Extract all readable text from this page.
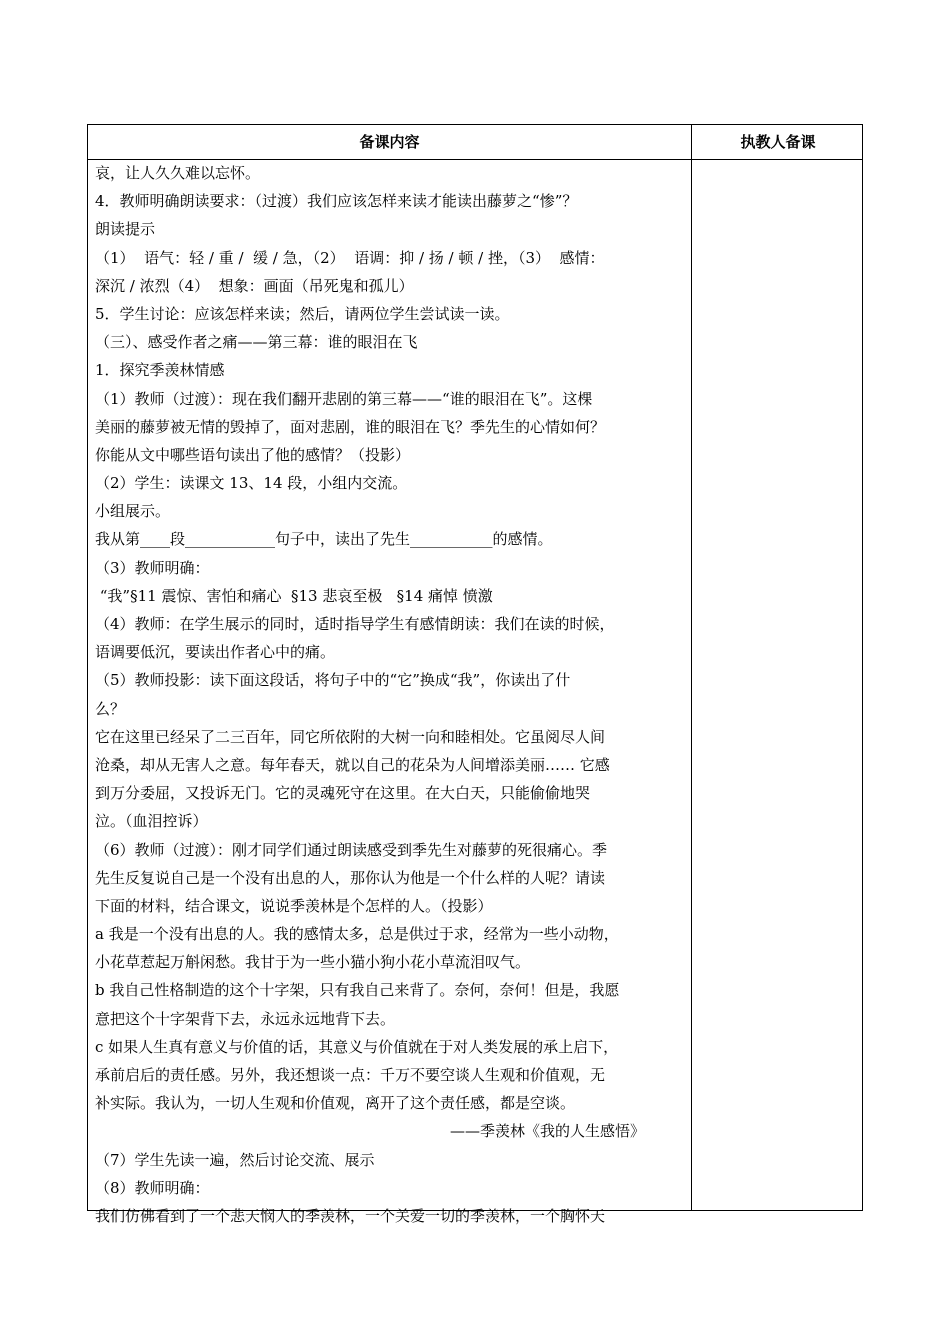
备课内容	执教人备课
哀，让人久久难以忘怀。
4．教师明确朗读要求：（过渡）我们应该怎样来读才能读出藤萝之“惨”？
朗读提示
（1）  语气：轻 / 重 /  缓 / 急，（2）  语调：抑 / 扬 / 顿 / 挫，（3）  感情：
深沉 / 浓烈（4）  想象：画面（吊死鬼和孤儿）
5．学生讨论：应该怎样来读；然后，请两位学生尝试读一读。
（三）、感受作者之痛——第三幕：谁的眼泪在飞
1．探究季羡林情感
（1）教师（过渡）：现在我们翻开悲剧的第三幕——“谁的眼泪在飞”。这棵
美丽的藤萝被无情的毁掉了，面对悲剧，谁的眼泪在飞？季先生的心情如何？
你能从文中哪些语句读出了他的感情？（投影）
（2）学生：读课文 13、14 段，小组内交流。
小组展示。
我从第____段____________句子中，读出了先生___________的感情。
（3）教师明确：
“我”§11 震惊、害怕和痛心  §13 悲哀至极   §14 痛悼 愤激
（4）教师：在学生展示的同时，适时指导学生有感情朗读：我们在读的时候，
语调要低沉，要读出作者心中的痛。
（5）教师投影：读下面这段话，将句子中的“它”换成“我”，你读出了什
么？
它在这里已经呆了二三百年，同它所依附的大树一向和睦相处。它虽阅尽人间
沧桑，却从无害人之意。每年春天，就以自己的花朵为人间增添美丽…… 它感
到万分委屈，又投诉无门。它的灵魂死守在这里。在大白天，只能偷偷地哭
泣。（血泪控诉）
（6）教师（过渡）：刚才同学们通过朗读感受到季先生对藤萝的死很痛心。季
先生反复说自己是一个没有出息的人，那你认为他是一个什么样的人呢？请读
下面的材料，结合课文，说说季羡林是个怎样的人。（投影）
a 我是一个没有出息的人。我的感情太多，总是供过于求，经常为一些小动物，
小花草惹起万斛闲愁。我甘于为一些小猫小狗小花小草流泪叹气。
b 我自己性格制造的这个十字架，只有我自己来背了。奈何，奈何！但是，我愿
意把这个十字架背下去，永远永远地背下去。
c 如果人生真有意义与价值的话，其意义与价值就在于对人类发展的承上启下，
承前启后的责任感。另外，我还想谈一点：千万不要空谈人生观和价值观，无
补实际。我认为，一切人生观和价值观，离开了这个责任感，都是空谈。
——季羡林《我的人生感悟》
（7）学生先读一遍，然后讨论交流、展示
（8）教师明确：
我们仿佛看到了一个悲天悯人的季羡林，一个关爱一切的季羡林，一个胸怀天
